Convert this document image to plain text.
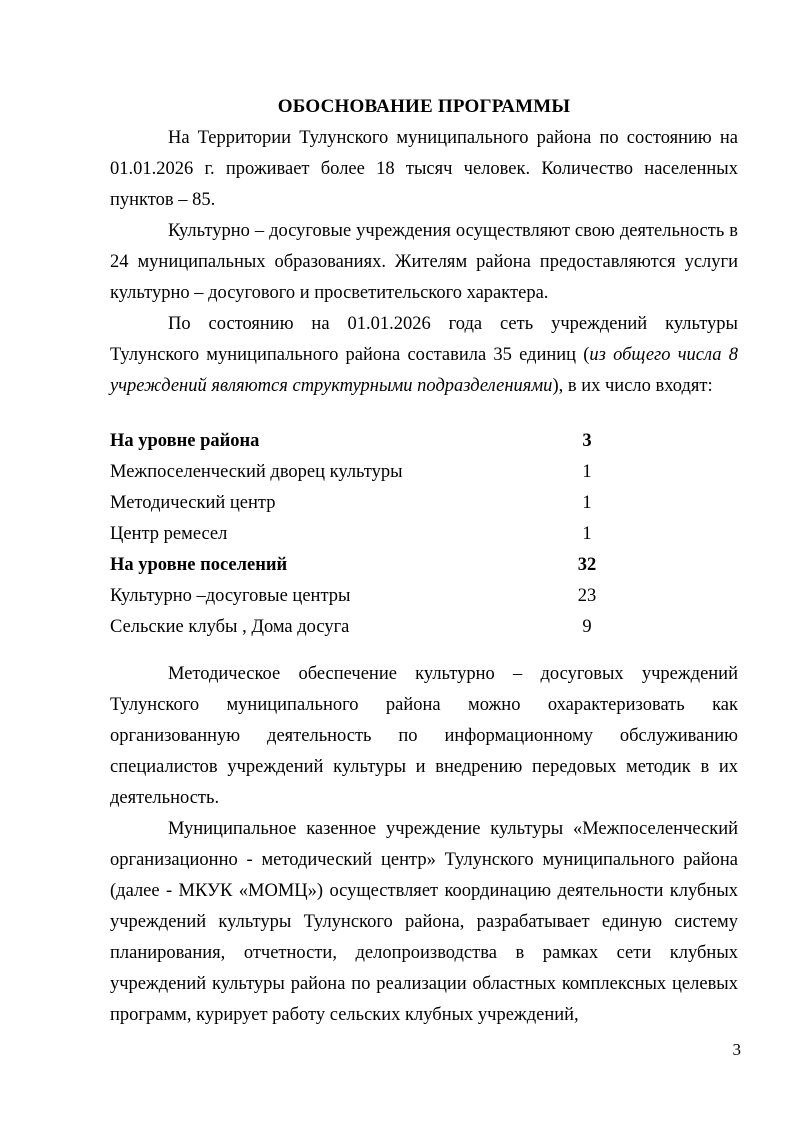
ОБОСНОВАНИЕ ПРОГРАММЫ

На Территории Тулунского муниципального района по состоянию на 01.01.2026 г. проживает более 18 тысяч человек. Количество населенных пунктов – 85.

Культурно – досуговые учреждения осуществляют свою деятельность в 24 муниципальных образованиях. Жителям района предоставляются услуги культурно – досугового и просветительского характера.

По состоянию на 01.01.2026 года сеть учреждений культуры Тулунского муниципального района составила 35 единиц (из общего числа 8 учреждений являются структурными подразделениями), в их число входят:

На уровне района	3
Межпоселенческий дворец культуры	1
Методический центр	1
Центр ремесел	1
На уровне поселений	32
Культурно –досуговые центры	23
Сельские клубы , Дома досуга	9

Методическое обеспечение культурно – досуговых учреждений Тулунского муниципального района можно охарактеризовать как организованную деятельность по информационному обслуживанию специалистов учреждений культуры и внедрению передовых методик в их деятельность.

Муниципальное казенное учреждение культуры «Межпоселенческий организационно - методический центр» Тулунского муниципального района (далее - МКУК «МОМЦ») осуществляет координацию деятельности клубных учреждений культуры Тулунского района, разрабатывает единую систему планирования, отчетности, делопроизводства в рамках сети клубных учреждений культуры района по реализации областных комплексных целевых программ, курирует работу сельских клубных учреждений,

3
